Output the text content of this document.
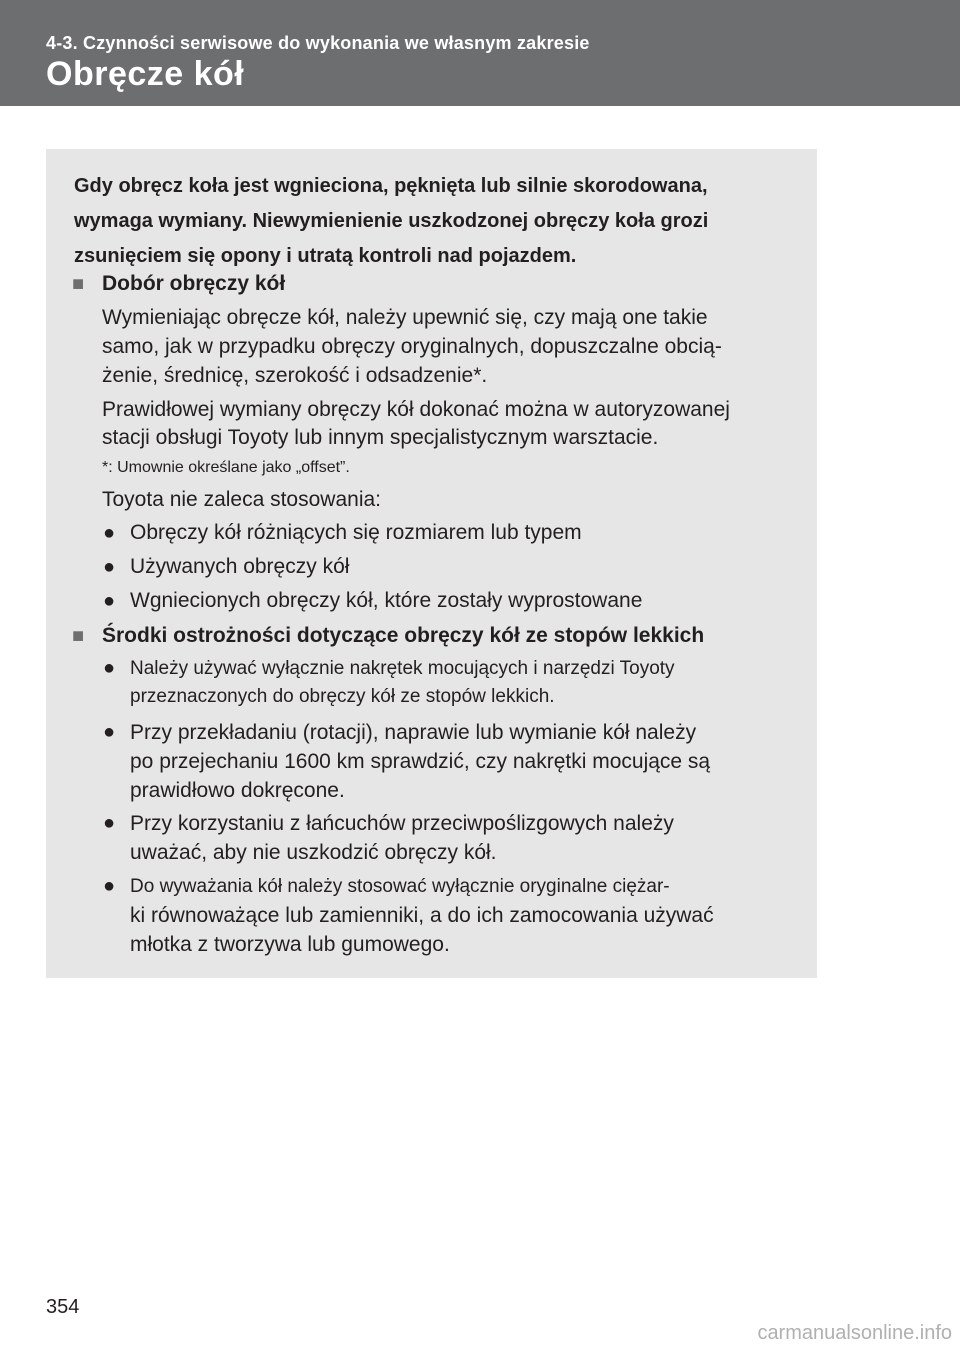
4-3. Czynności serwisowe do wykonania we własnym zakresie
Obręcze kół
Gdy obręcz koła jest wgnieciona, pęknięta lub silnie skorodowana,
wymaga wymiany. Niewymienienie uszkodzonej obręczy koła grozi
zsunięciem się opony i utratą kontroli nad pojazdem.
■ Dobór obręczy kół
Wymieniając obręcze kół, należy upewnić się, czy mają one takie
samo, jak w przypadku obręczy oryginalnych, dopuszczalne obcią-
żenie, średnicę, szerokość i odsadzenie*.
Prawidłowej wymiany obręczy kół dokonać można w autoryzowanej
stacji obsługi Toyoty lub innym specjalistycznym warsztacie.
*: Umownie określane jako „offset”.
Toyota nie zaleca stosowania:
● Obręczy kół różniących się rozmiarem lub typem
● Używanych obręczy kół
● Wgniecionych obręczy kół, które zostały wyprostowane
■ Środki ostrożności dotyczące obręczy kół ze stopów lekkich
● Należy używać wyłącznie nakrętek mocujących i narzędzi Toyoty
przeznaczonych do obręczy kół ze stopów lekkich.
● Przy przekładaniu (rotacji), naprawie lub wymianie kół należy
po przejechaniu 1600 km sprawdzić, czy nakrętki mocujące są
prawidłowo dokręcone.
● Przy korzystaniu z łańcuchów przeciwpoślizgowych należy
uważać, aby nie uszkodzić obręczy kół.
● Do wyważania kół należy stosować wyłącznie oryginalne ciężar-
ki równoważące lub zamienniki, a do ich zamocowania używać
młotka z tworzywa lub gumowego.
354
carmanualsonline.info
